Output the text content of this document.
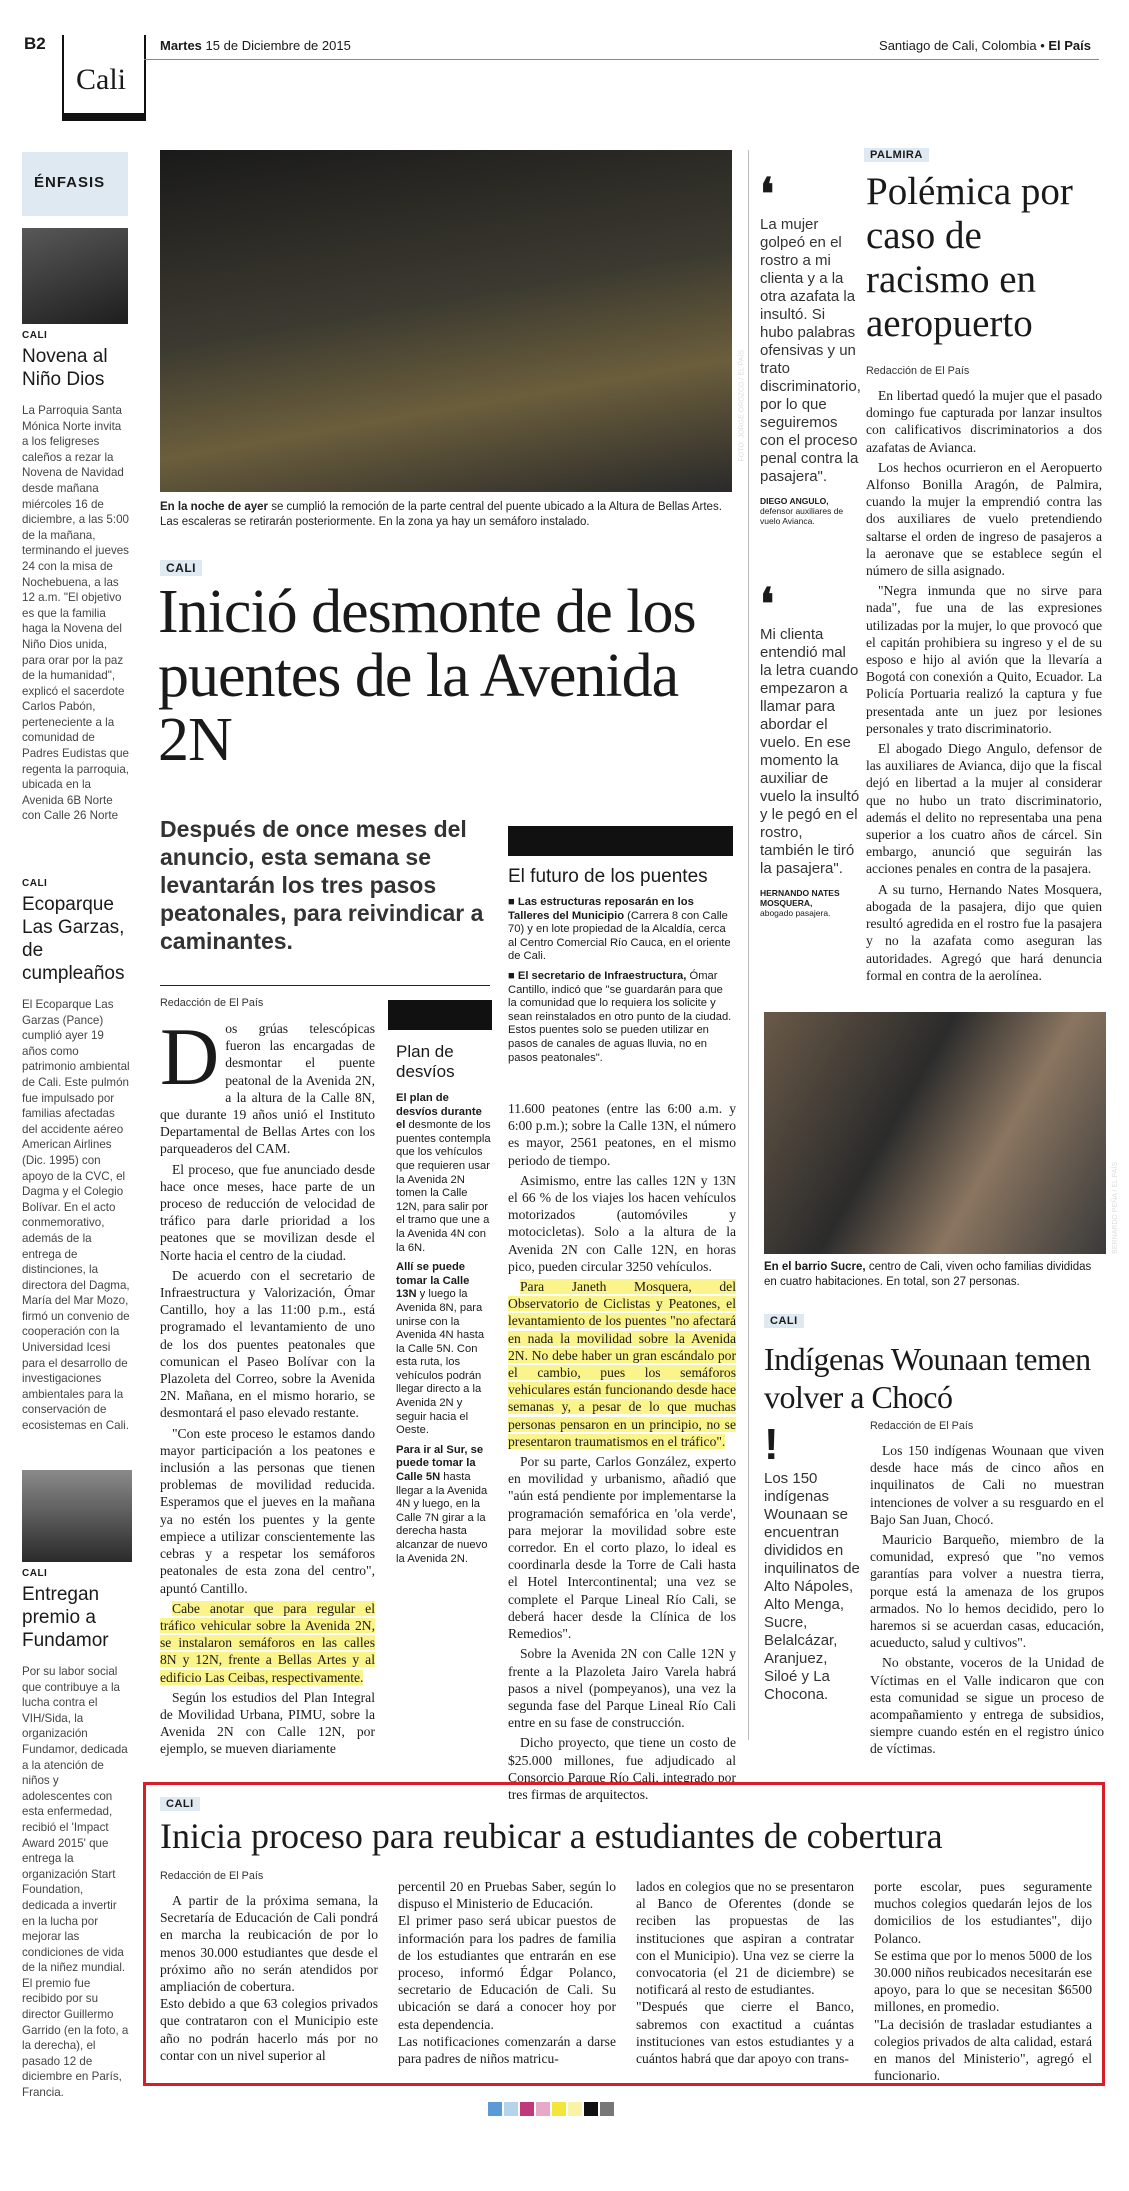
B2
Cali
Martes 15 de Diciembre de 2015	Santiago de Cali, Colombia • El País
ÉNFASIS
CALI
Novena al Niño Dios

La Parroquia Santa Mónica Norte invita a los feligreses caleños a rezar la Novena de Navidad desde mañana miércoles 16 de diciembre, a las 5:00 de la mañana, terminando el jueves 24 con la misa de Nochebuena, a las 12 a.m. "El objetivo es que la familia haga la Novena del Niño Dios unida, para orar por la paz de la humanidad", explicó el sacerdote Carlos Pabón, perteneciente a la comunidad de Padres Eudistas que regenta la parroquia, ubicada en la Avenida 6B Norte con Calle 26 Norte

CALI
Ecoparque Las Garzas, de cumpleaños

El Ecoparque Las Garzas (Pance) cumplió ayer 19 años como patrimonio ambiental de Cali. Este pulmón fue impulsado por familias afectadas del accidente aéreo American Airlines (Dic. 1995) con apoyo de la CVC, el Dagma y el Colegio Bolívar. En el acto conmemorativo, además de la entrega de distinciones, la directora del Dagma, María del Mar Mozo, firmó un convenio de cooperación con la Universidad Icesi para el desarrollo de investigaciones ambientales para la conservación de ecosistemas en Cali.

CALI
Entregan premio a Fundamor

Por su labor social que contribuye a la lucha contra el VIH/Sida, la organización Fundamor, dedicada a la atención de niños y adolescentes con esta enfermedad, recibió el 'Impact Award 2015' que entrega la organización Start Foundation, dedicada a invertir en la lucha por mejorar las condiciones de vida de la niñez mundial. El premio fue recibido por su director Guillermo Garrido (en la foto, a la derecha), el pasado 12 de diciembre en París, Francia.

FOTO: JORGE OROZCO / EL PAÍS
En la noche de ayer se cumplió la remoción de la parte central del puente ubicado a la Altura de Bellas Artes. Las escaleras se retirarán posteriormente. En la zona ya hay un semáforo instalado.
CALI
Inició desmonte de los puentes de la Avenida 2N
Después de once meses del anuncio, esta semana se levantarán los tres pasos peatonales, para reivindicar a caminantes.
Redacción de El País
D os grúas telescópicas fueron las encargadas de desmontar el puente peatonal de la Avenida 2N, a la altura de la Calle 8N, que durante 19 años unió el Instituto Departamental de Bellas Artes con los parqueaderos del CAM.

El proceso, que fue anunciado desde hace once meses, hace parte de un proceso de reducción de velocidad de tráfico para darle prioridad a los peatones que se movilizan desde el Norte hacia el centro de la ciudad.

De acuerdo con el secretario de Infraestructura y Valorización, Ómar Cantillo, hoy a las 11:00 p.m., está programado el levantamiento de uno de los dos puentes peatonales que comunican el Paseo Bolívar con la Plazoleta del Correo, sobre la Avenida 2N. Mañana, en el mismo horario, se desmontará el paso elevado restante.

"Con este proceso le estamos dando mayor participación a los peatones e inclusión a las personas que tienen problemas de movilidad reducida. Esperamos que el jueves en la mañana ya no estén los puentes y la gente empiece a utilizar conscientemente las cebras y a respetar los semáforos peatonales de esta zona del centro", apuntó Cantillo.

Cabe anotar que para regular el tráfico vehicular sobre la Avenida 2N, se instalaron semáforos en las calles 8N y 12N, frente a Bellas Artes y al edificio Las Ceibas, respectivamente.

Según los estudios del Plan Integral de Movilidad Urbana, PIMU, sobre la Avenida 2N con Calle 12N, por ejemplo, se mueven diariamente

Plan de desvíos
El plan de desvíos durante el desmonte de los puentes contempla que los vehículos que requieren usar la Avenida 2N tomen la Calle 12N, para salir por el tramo que une a la Avenida 4N con la 6N.
Allí se puede tomar la Calle 13N y luego la Avenida 8N, para unirse con la Avenida 4N hasta la Calle 5N. Con esta ruta, los vehículos podrán llegar directo a la Avenida 2N y seguir hacia el Oeste.
Para ir al Sur, se puede tomar la Calle 5N hasta llegar a la Avenida 4N y luego, en la Calle 7N girar a la derecha hasta alcanzar de nuevo la Avenida 2N.
El futuro de los puentes
■ Las estructuras reposarán en los Talleres del Municipio (Carrera 8 con Calle 70) y en lote propiedad de la Alcaldía, cerca al Centro Comercial Río Cauca, en el oriente de Cali.
■ El secretario de Infraestructura, Ómar Cantillo, indicó que "se guardarán para que la comunidad que lo requiera los solicite y sean reinstalados en otro punto de la ciudad. Estos puentes solo se pueden utilizar en pasos de canales de aguas lluvia, no en pasos peatonales".

11.600 peatones (entre las 6:00 a.m. y 6:00 p.m.); sobre la Calle 13N, el número es mayor, 2561 peatones, en el mismo periodo de tiempo.

Asimismo, entre las calles 12N y 13N el 66 % de los viajes los hacen vehículos motorizados (automóviles y motocicletas). Solo a la altura de la Avenida 2N con Calle 12N, en horas pico, pueden circular 3250 vehículos.

Para Janeth Mosquera, del Observatorio de Ciclistas y Peatones, el levantamiento de los puentes "no afectará en nada la movilidad sobre la Avenida 2N. No debe haber un gran escándalo por el cambio, pues los semáforos vehiculares están funcionando desde hace semanas y, a pesar de lo que muchas personas pensaron en un principio, no se presentaron traumatismos en el tráfico".

Por su parte, Carlos González, experto en movilidad y urbanismo, añadió que "aún está pendiente por implementarse la programación semafórica en 'ola verde', para mejorar la movilidad sobre este corredor. En el corto plazo, lo ideal es coordinarla desde la Torre de Cali hasta el Hotel Intercontinental; una vez se complete el Parque Lineal Río Cali, se deberá hacer desde la Clínica de los Remedios".

Sobre la Avenida 2N con Calle 12N y frente a la Plazoleta Jairo Varela habrá pasos a nivel (pompeyanos), una vez la segunda fase del Parque Lineal Río Cali entre en su fase de construcción.

Dicho proyecto, que tiene un costo de $25.000 millones, fue adjudicado al Consorcio Parque Río Cali, integrado por tres firmas de arquitectos.

❛
La mujer golpeó en el rostro a mi clienta y a la otra azafata la insultó. Si hubo palabras ofensivas y un trato discriminatorio, por lo que seguiremos con el proceso penal contra la pasajera".
DIEGO ANGULO,
defensor auxiliares de vuelo Avianca.
❛
Mi clienta entendió mal la letra cuando empezaron a llamar para abordar el vuelo. En ese momento la auxiliar de vuelo la insultó y le pegó en el rostro, también le tiró la pasajera".
HERNANDO NATES MOSQUERA,
abogado pasajera.
PALMIRA
Polémica por caso de racismo en aeropuerto
Redacción de El País

En libertad quedó la mujer que el pasado domingo fue capturada por lanzar insultos con calificativos discriminatorios a dos azafatas de Avianca.

Los hechos ocurrieron en el Aeropuerto Alfonso Bonilla Aragón, de Palmira, cuando la mujer la emprendió contra las dos auxiliares de vuelo pretendiendo saltarse el orden de ingreso de pasajeros a la aeronave que se establece según el número de silla asignado.

"Negra inmunda que no sirve para nada", fue una de las expresiones utilizadas por la mujer, lo que provocó que el capitán prohibiera su ingreso y el de su esposo e hijo al avión que la llevaría a Bogotá con conexión a Quito, Ecuador. La Policía Portuaria realizó la captura y fue presentada ante un juez por lesiones personales y trato discriminatorio.

El abogado Diego Angulo, defensor de las auxiliares de Avianca, dijo que la fiscal dejó en libertad a la mujer al considerar que no hubo un trato discriminatorio, además el delito no representaba una pena superior a los cuatro años de cárcel. Sin embargo, anunció que seguirán las acciones penales en contra de la pasajera.

A su turno, Hernando Nates Mosquera, abogada de la pasajera, dijo que quien resultó agredida en el rostro fue la pasajera y no la azafata como aseguran las autoridades. Agregó que hará denuncia formal en contra de la aerolínea.

BERNARDO PEÑA / EL PAÍS
En el barrio Sucre, centro de Cali, viven ocho familias divididas en cuatro habitaciones. En total, son 27 personas.
CALI
Indígenas Wounaan temen volver a Chocó
!
Los 150 indígenas Wounaan se encuentran divididos en inquilinatos de Alto Nápoles, Alto Menga, Sucre, Belalcázar, Aranjuez, Siloé y La Chocona.
Redacción de El País

Los 150 indígenas Wounaan que viven desde hace más de cinco años en inquilinatos de Cali no muestran intenciones de volver a su resguardo en el Bajo San Juan, Chocó.

Mauricio Barqueño, miembro de la comunidad, expresó que "no vemos garantías para volver a nuestra tierra, porque está la amenaza de los grupos armados. No lo hemos decidido, pero lo haremos si se acuerdan casas, educación, acueducto, salud y cultivos".

No obstante, voceros de la Unidad de Víctimas en el Valle indicaron que con esta comunidad se sigue un proceso de acompañamiento y entrega de subsidios, siempre cuando estén en el registro único de víctimas.

CALI
Inicia proceso para reubicar a estudiantes de cobertura
Redacción de El País

A partir de la próxima semana, la Secretaría de Educación de Cali pondrá en marcha la reubicación de por lo menos 30.000 estudiantes que desde el próximo año no serán atendidos por ampliación de cobertura.
Esto debido a que 63 colegios privados que contrataron con el Municipio este año no podrán hacerlo más por no contar con un nivel superior al

percentil 20 en Pruebas Saber, según lo dispuso el Ministerio de Educación.
El primer paso será ubicar puestos de información para los padres de familia de los estudiantes que entrarán en ese proceso, informó Édgar Polanco, secretario de Educación de Cali. Su ubicación se dará a conocer hoy por esta dependencia.
Las notificaciones comenzarán a darse para padres de niños matricu-

lados en colegios que no se presentaron al Banco de Oferentes (donde se reciben las propuestas de las instituciones que aspiran a contratar con el Municipio). Una vez se cierre la convocatoria (el 21 de diciembre) se notificará al resto de estudiantes.
"Después que cierre el Banco, sabremos con exactitud a cuántas instituciones van estos estudiantes y a cuántos habrá que dar apoyo con trans-

porte escolar, pues seguramente muchos colegios quedarán lejos de los domicilios de los estudiantes", dijo Polanco.
Se estima que por lo menos 5000 de los 30.000 niños reubicados necesitarán ese apoyo, para lo que se necesitan $6500 millones, en promedio.
"La decisión de trasladar estudiantes a colegios privados de alta calidad, estará en manos del Ministerio", agregó el funcionario.
